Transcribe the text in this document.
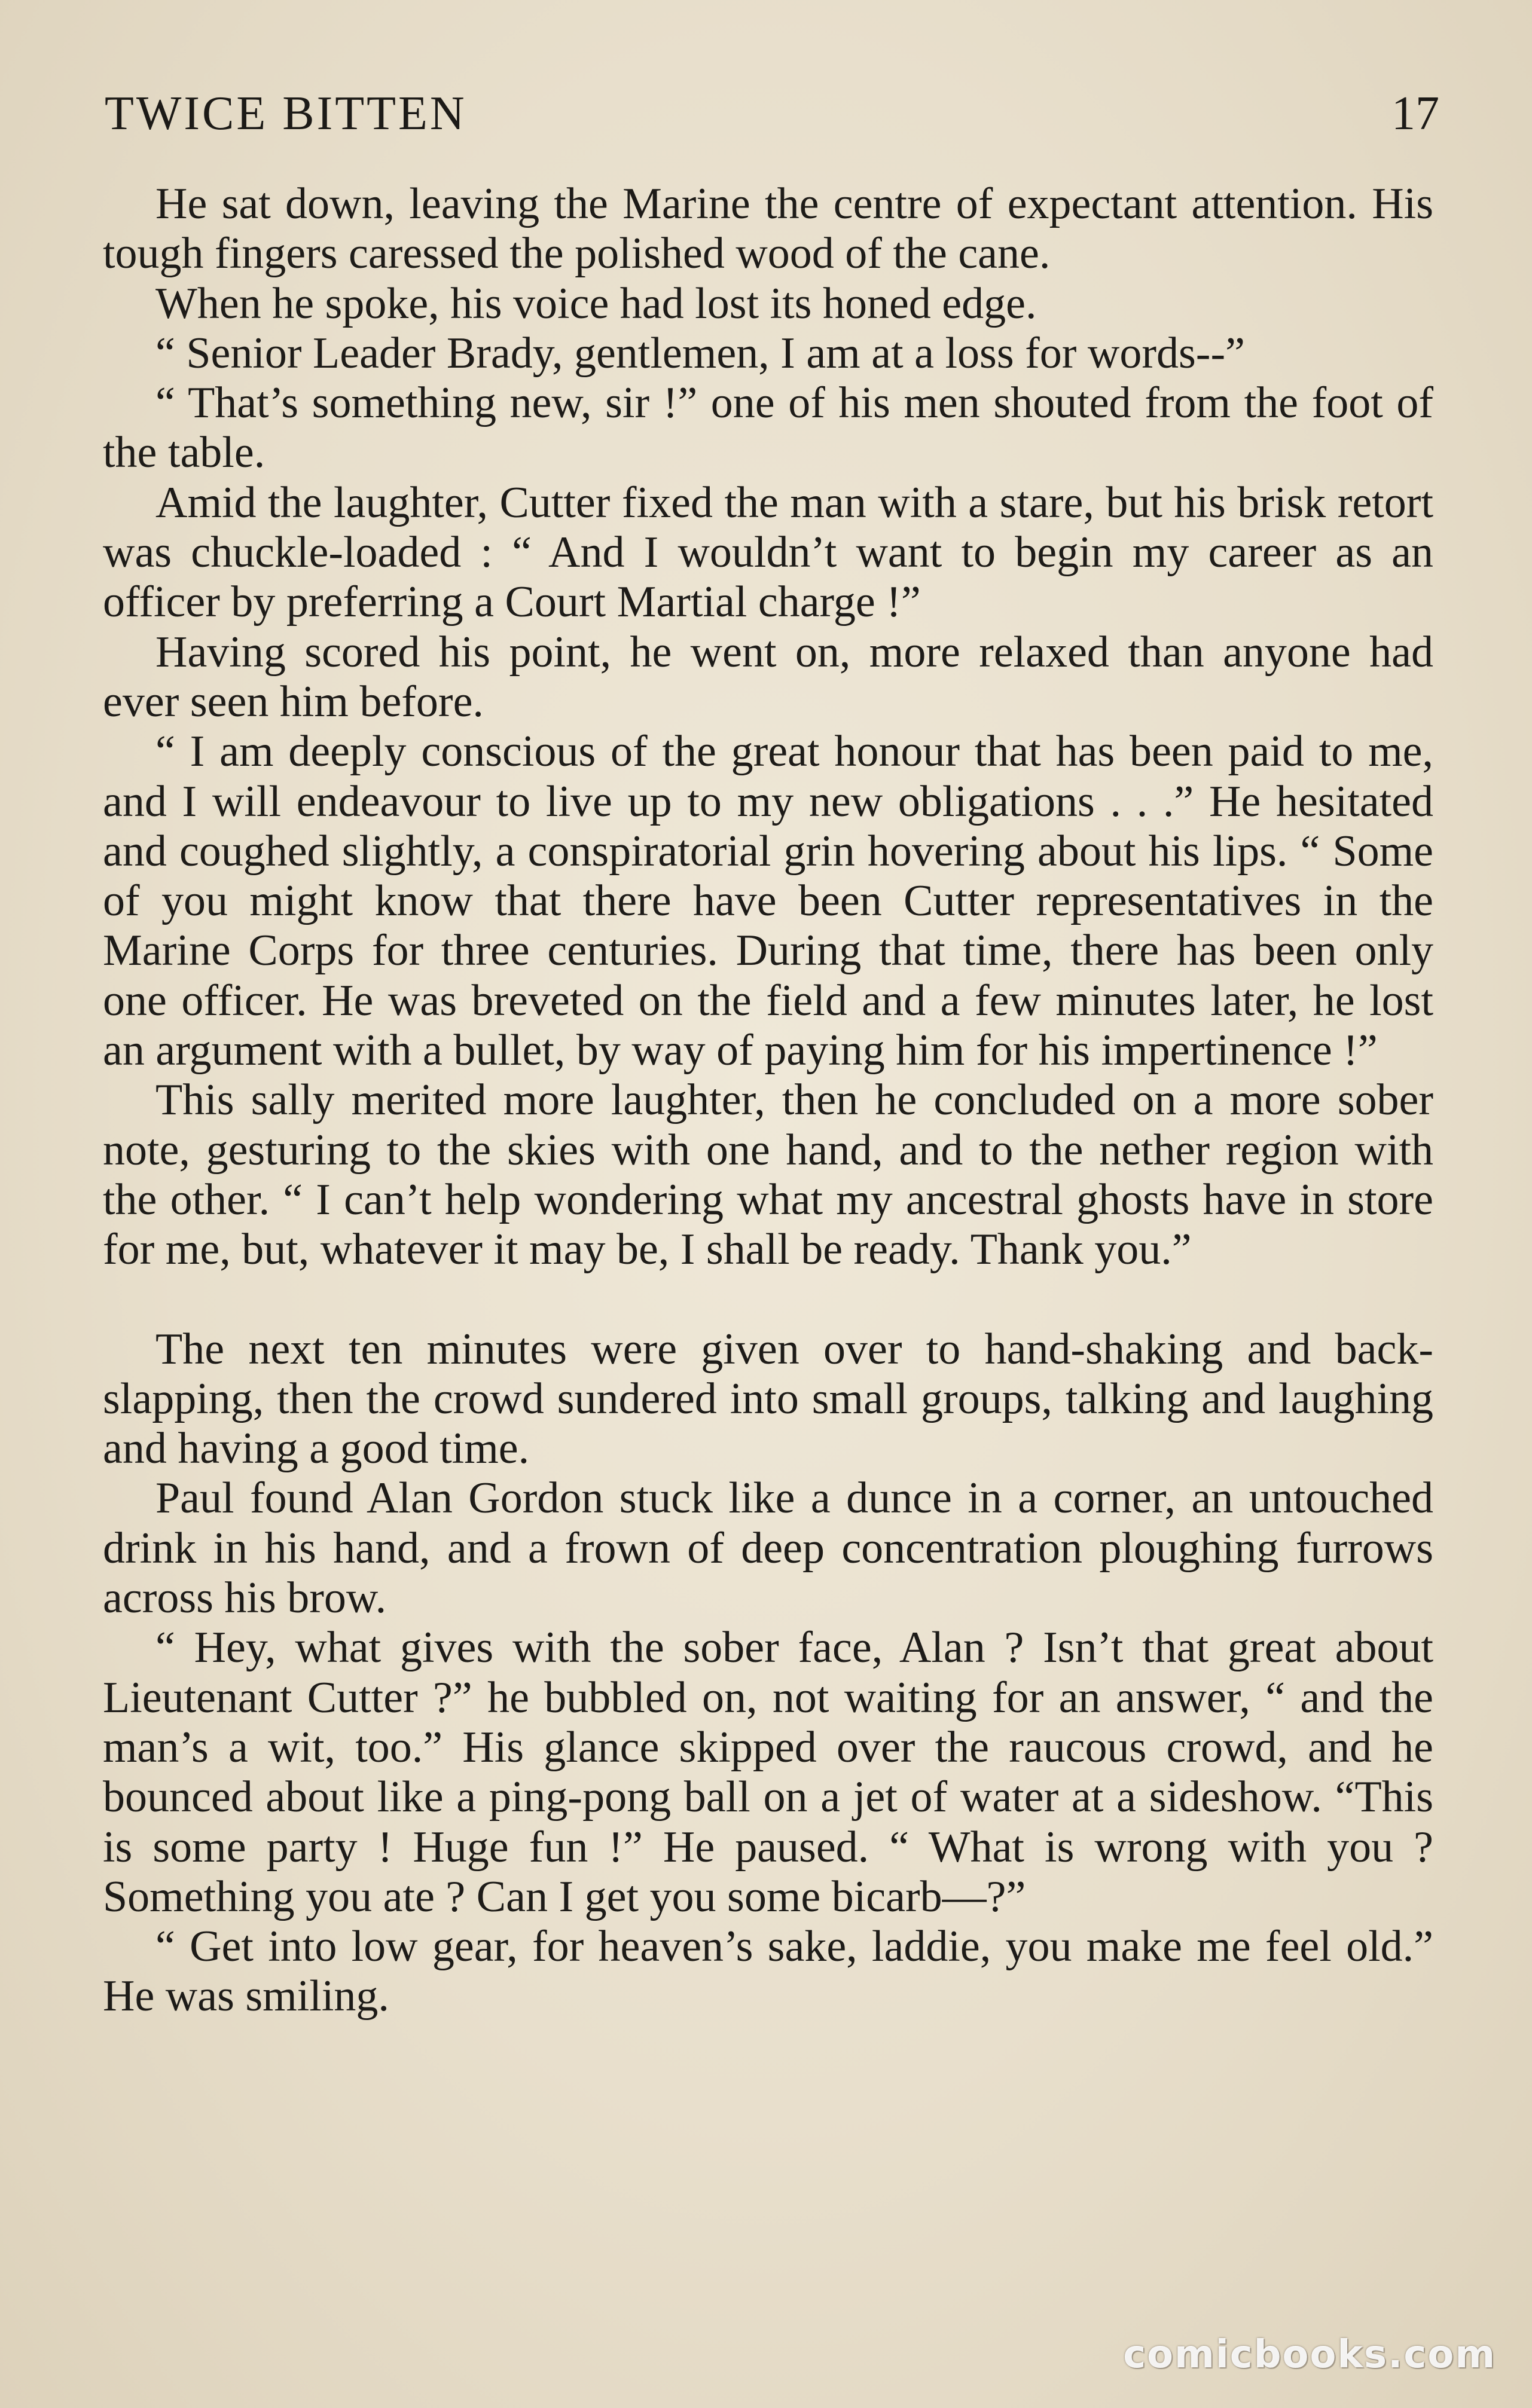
TWICE BITTEN	17

He sat down, leaving the Marine the centre of expectant attention. His tough fingers caressed the polished wood of the cane.

When he spoke, his voice had lost its honed edge.

“ Senior Leader Brady, gentlemen, I am at a loss for words--”

“ That’s something new, sir !” one of his men shouted from the foot of the table.

Amid the laughter, Cutter fixed the man with a stare, but his brisk retort was chuckle-loaded : “ And I wouldn’t want to begin my career as an officer by preferring a Court Martial charge !”

Having scored his point, he went on, more relaxed than anyone had ever seen him before.

“ I am deeply conscious of the great honour that has been paid to me, and I will endeavour to live up to my new obligations . . .” He hesitated and coughed slightly, a conspiratorial grin hovering about his lips. “ Some of you might know that there have been Cutter representatives in the Marine Corps for three centuries. During that time, there has been only one officer. He was breveted on the field and a few minutes later, he lost an argument with a bullet, by way of paying him for his impertinence !”

This sally merited more laughter, then he concluded on a more sober note, gesturing to the skies with one hand, and to the nether region with the other. “ I can’t help wondering what my ancestral ghosts have in store for me, but, whatever it may be, I shall be ready. Thank you.”

The next ten minutes were given over to hand-shaking and back-slapping, then the crowd sundered into small groups, talking and laughing and having a good time.

Paul found Alan Gordon stuck like a dunce in a corner, an untouched drink in his hand, and a frown of deep concentration ploughing furrows across his brow.

“ Hey, what gives with the sober face, Alan ? Isn’t that great about Lieutenant Cutter ?” he bubbled on, not waiting for an answer, “ and the man’s a wit, too.” His glance skipped over the raucous crowd, and he bounced about like a ping-pong ball on a jet of water at a sideshow. “This is some party ! Huge fun !” He paused. “ What is wrong with you ? Something you ate ? Can I get you some bicarb—?”

“ Get into low gear, for heaven’s sake, laddie, you make me feel old.” He was smiling.

comicbooks.com
